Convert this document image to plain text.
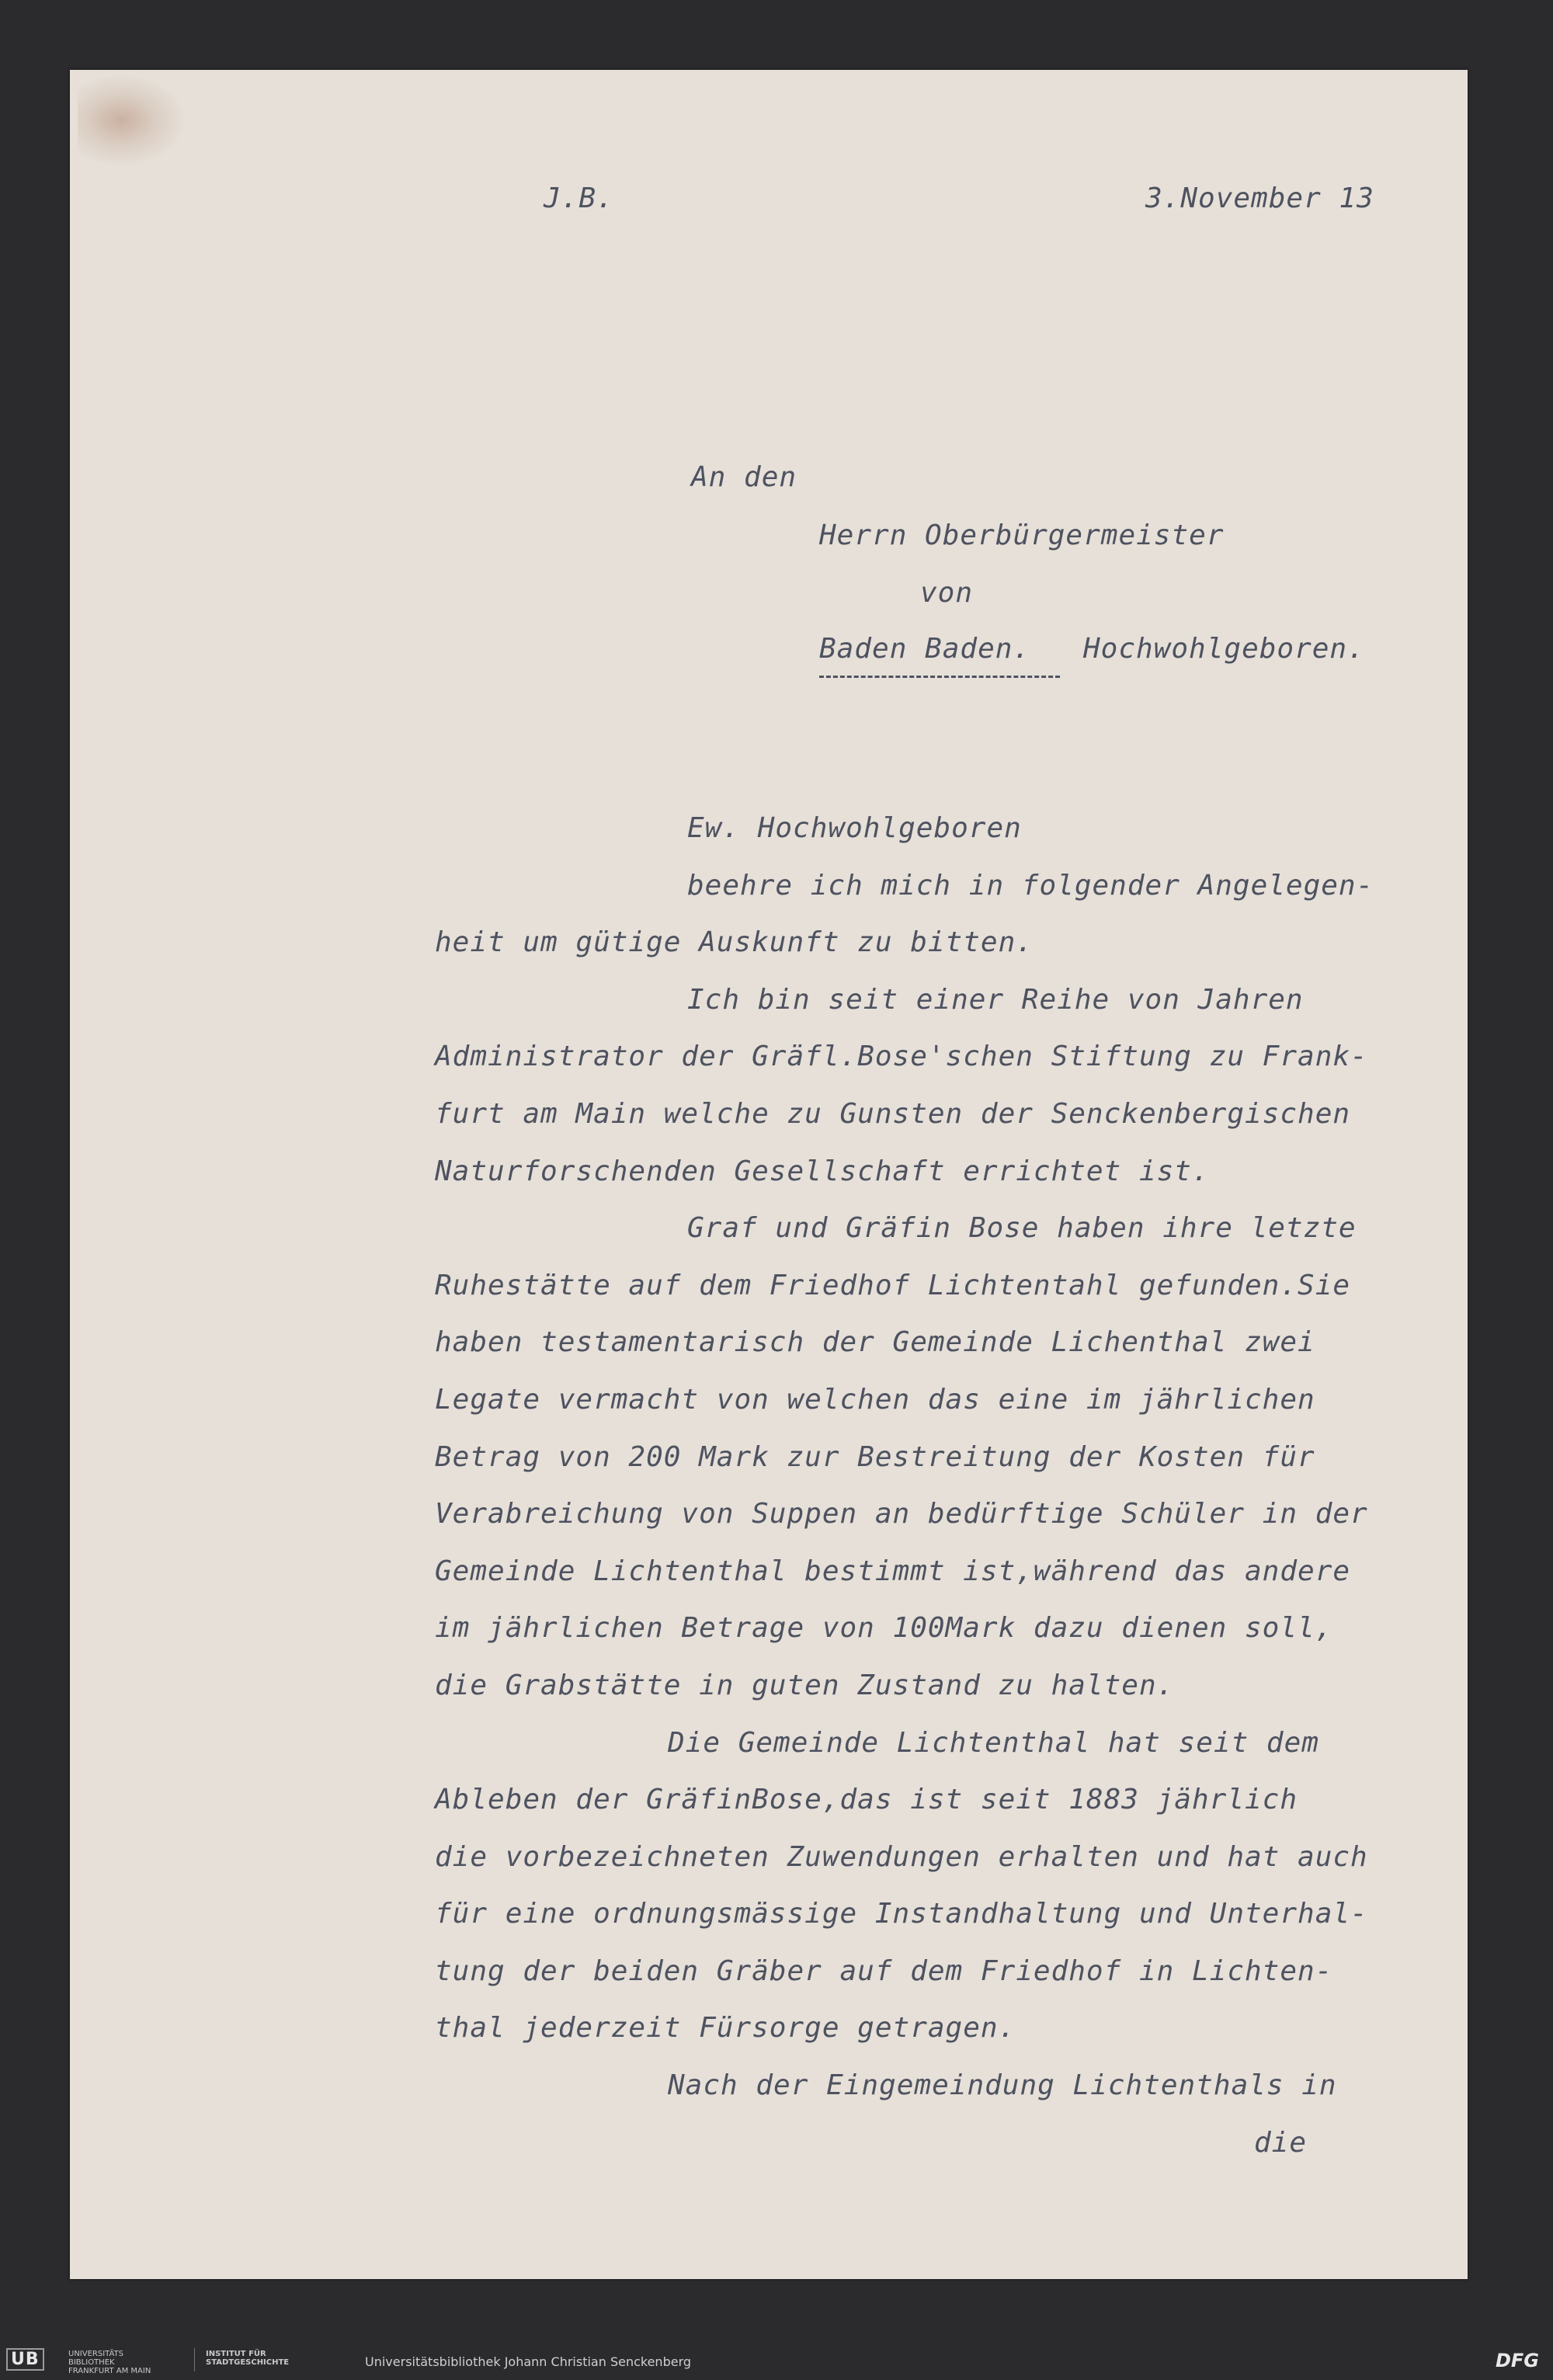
J.B.	3.November 13
An den
Herrn Oberbürgermeister
von
Baden Baden. Hochwohlgeboren.
Ew. Hochwohlgeboren
beehre ich mich in folgender Angelegen-
heit um gütige Auskunft zu bitten.
Ich bin seit einer Reihe von Jahren
Administrator der Gräfl.Bose'schen Stiftung zu Frank-
furt am Main welche zu Gunsten der Senckenbergischen
Naturforschenden Gesellschaft errichtet ist.
Graf und Gräfin Bose haben ihre letzte
Ruhestätte auf dem Friedhof Lichtentahl gefunden.Sie
haben testamentarisch der Gemeinde Lichenthal zwei
Legate vermacht von welchen das eine im jährlichen
Betrag von 200 Mark zur Bestreitung der Kosten für
Verabreichung von Suppen an bedürftige Schüler in der
Gemeinde Lichtenthal bestimmt ist,während das andere
im jährlichen Betrage von 100Mark dazu dienen soll,
die Grabstätte in guten Zustand zu halten.
Die Gemeinde Lichtenthal hat seit dem
Ableben der GräfinBose,das ist seit 1883 jährlich
die vorbezeichneten Zuwendungen erhalten und hat auch
für eine ordnungsmässige Instandhaltung und Unterhal-
tung der beiden Gräber auf dem Friedhof in Lichten-
thal jederzeit Fürsorge getragen.
Nach der Eingemeindung Lichtenthals in
die
UB	UNIVERSITÄTS BIBLIOTHEK FRANKFURT AM MAIN
INSTITUT FÜR STADTGESCHICHTE	Universitätsbibliothek Johann Christian Senckenberg	DFG
